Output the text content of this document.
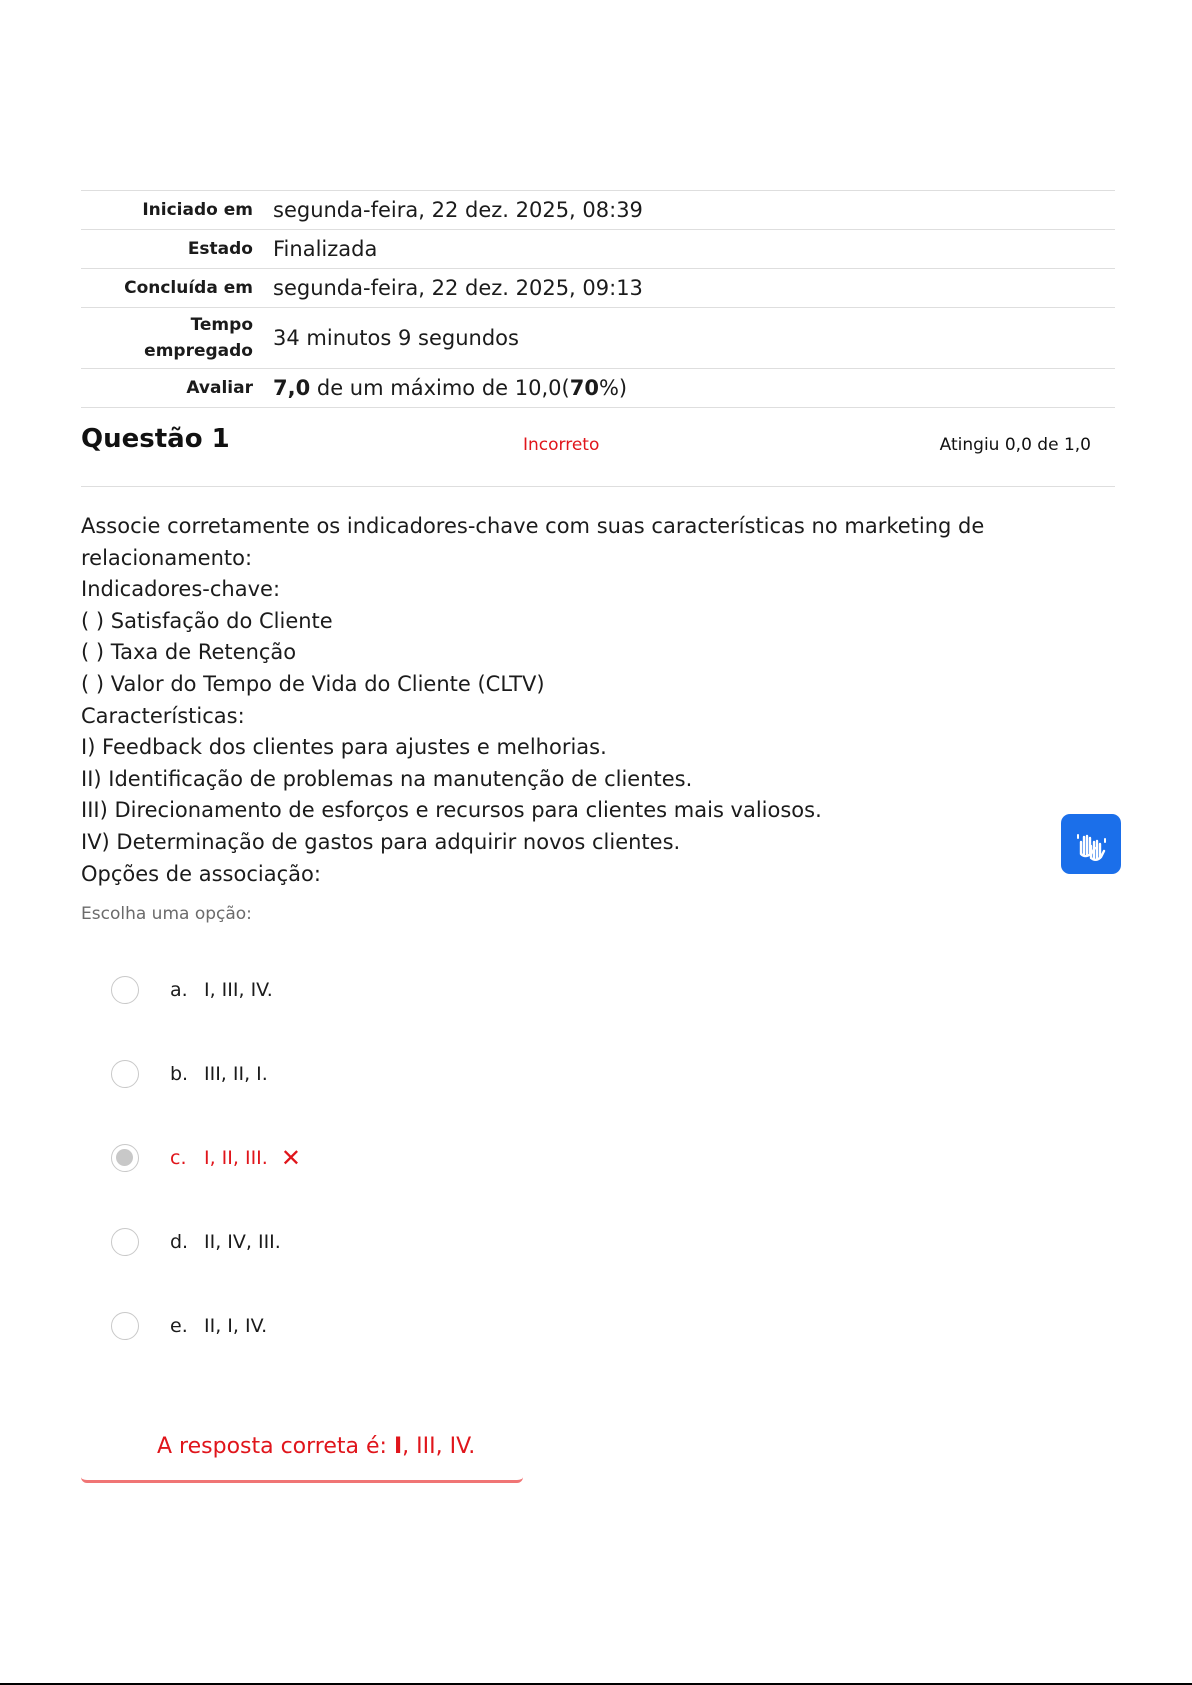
Iniciado em	segunda-feira, 22 dez. 2025, 08:39
Estado	Finalizada
Concluída em	segunda-feira, 22 dez. 2025, 09:13
Tempo
empregado	34 minutos 9 segundos
Avaliar	7,0 de um máximo de 10,0(70%)
Questão 1	Incorreto	Atingiu 0,0 de 1,0

Associe corretamente os indicadores-chave com suas características no marketing de relacionamento:

Indicadores-chave:

( ) Satisfação do Cliente

( ) Taxa de Retenção

( ) Valor do Tempo de Vida do Cliente (CLTV)

Características:

I) Feedback dos clientes para ajustes e melhorias.

II) Identificação de problemas na manutenção de clientes.

III) Direcionamento de esforços e recursos para clientes mais valiosos.

IV) Determinação de gastos para adquirir novos clientes.

Opções de associação:

Escolha uma opção:
a. I, III, IV.
b. III, II, I.
c. I, II, III. ✕
d. II, IV, III.
e. II, I, IV.
A resposta correta é: I, III, IV.
